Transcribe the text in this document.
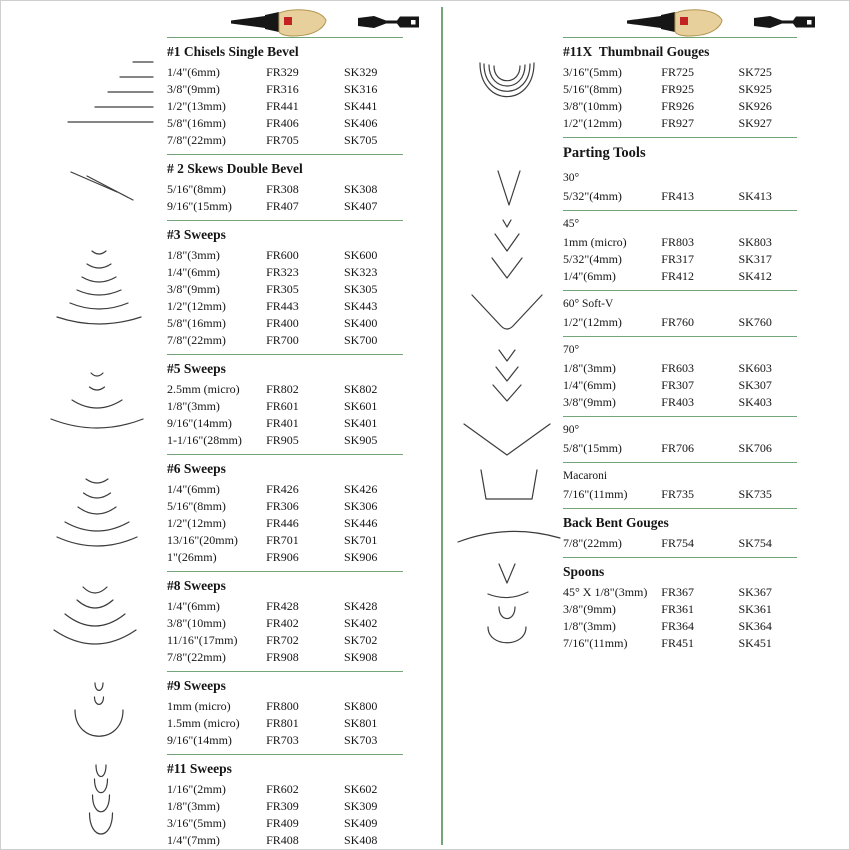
#1 Chisels Single Bevel
1/4"(6mm)	FR329	SK329
3/8"(9mm)	FR316	SK316
1/2"(13mm)	FR441	SK441
5/8"(16mm)	FR406	SK406
7/8"(22mm)	FR705	SK705
# 2 Skews Double Bevel
5/16"(8mm)	FR308	SK308
9/16"(15mm)	FR407	SK407
#3 Sweeps
1/8"(3mm)	FR600	SK600
1/4"(6mm)	FR323	SK323
3/8"(9mm)	FR305	SK305
1/2"(12mm)	FR443	SK443
5/8"(16mm)	FR400	SK400
7/8"(22mm)	FR700	SK700
#5 Sweeps
2.5mm (micro)	FR802	SK802
1/8"(3mm)	FR601	SK601
9/16"(14mm)	FR401	SK401
1-1/16"(28mm)	FR905	SK905
#6 Sweeps
1/4"(6mm)	FR426	SK426
5/16"(8mm)	FR306	SK306
1/2"(12mm)	FR446	SK446
13/16"(20mm)	FR701	SK701
1"(26mm)	FR906	SK906
#8 Sweeps
1/4"(6mm)	FR428	SK428
3/8"(10mm)	FR402	SK402
11/16"(17mm)	FR702	SK702
7/8"(22mm)	FR908	SK908
#9 Sweeps
1mm (micro)	FR800	SK800
1.5mm (micro)	FR801	SK801
9/16"(14mm)	FR703	SK703
#11 Sweeps
1/16"(2mm)	FR602	SK602
1/8"(3mm)	FR309	SK309
3/16"(5mm)	FR409	SK409
1/4"(7mm)	FR408	SK408
#11X  Thumbnail Gouges
3/16"(5mm)	FR725	SK725
5/16"(8mm)	FR925	SK925
3/8"(10mm)	FR926	SK926
1/2"(12mm)	FR927	SK927
Parting Tools
30°
5/32"(4mm)	FR413	SK413
45°
1mm (micro)	FR803	SK803
5/32"(4mm)	FR317	SK317
1/4"(6mm)	FR412	SK412
60° Soft-V
1/2"(12mm)	FR760	SK760
70°
1/8"(3mm)	FR603	SK603
1/4"(6mm)	FR307	SK307
3/8"(9mm)	FR403	SK403
90°
5/8"(15mm)	FR706	SK706
Macaroni
7/16"(11mm)	FR735	SK735
Back Bent Gouges
7/8"(22mm)	FR754	SK754
Spoons
45° X 1/8"(3mm)	FR367	SK367
3/8"(9mm)	FR361	SK361
1/8"(3mm)	FR364	SK364
7/16"(11mm)	FR451	SK451
